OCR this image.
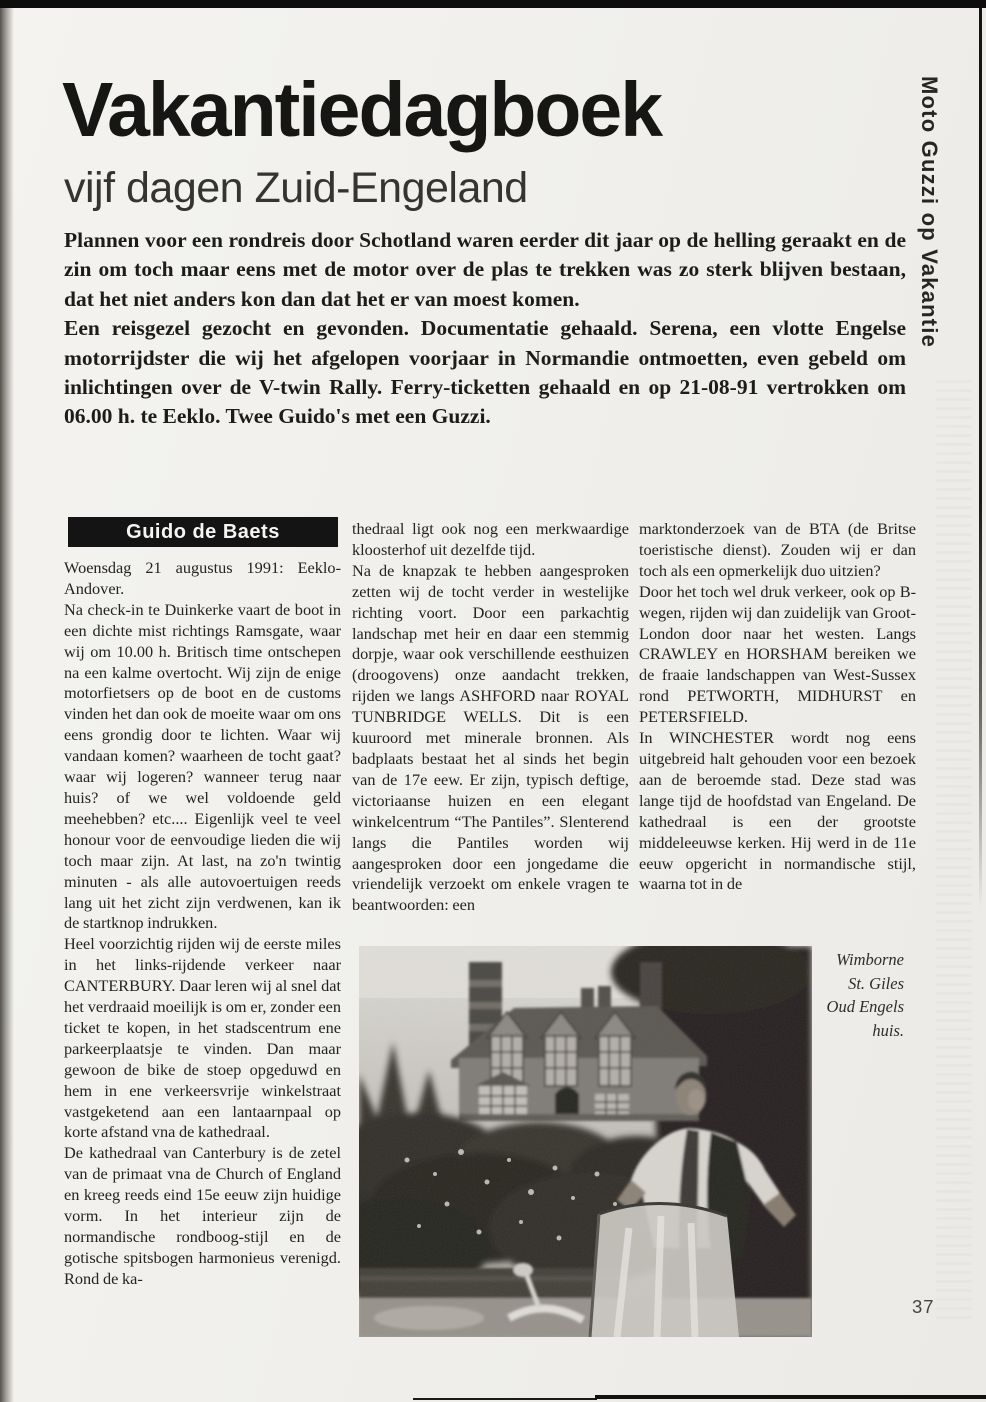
Vakantiedagboek
vijf dagen Zuid-Engeland

Plannen voor een rondreis door Schotland waren eerder dit jaar op de helling geraakt en de zin om toch maar eens met de motor over de plas te trekken was zo sterk blijven bestaan, dat het niet anders kon dan dat het er van moest komen.

Een reisgezel gezocht en gevonden. Documentatie gehaald. Serena, een vlotte Engelse motorrijdster die wij het afgelopen voorjaar in Normandie ontmoetten, even gebeld om inlichtingen over de V-twin Rally. Ferry-ticketten gehaald en op 21-08-91 vertrokken om 06.00 h. te Eeklo. Twee Guido's met een Guzzi.

Guido de Baets

Woensdag 21 augustus 1991: Eeklo-Andover.

Na check-in te Duinkerke vaart de boot in een dichte mist richtings Ramsgate, waar wij om 10.00 h. Britisch time ontschepen na een kalme overtocht. Wij zijn de enige motorfietsers op de boot en de customs vinden het dan ook de moeite waar om ons eens grondig door te lichten. Waar wij vandaan komen? waarheen de tocht gaat? waar wij logeren? wanneer terug naar huis? of we wel voldoende geld meehebben? etc.... Eigenlijk veel te veel honour voor de eenvoudige lieden die wij toch maar zijn. At last, na zo'n twintig minuten - als alle autovoertuigen reeds lang uit het zicht zijn verdwenen, kan ik de startknop indrukken.

Heel voorzichtig rijden wij de eerste miles in het links-rijdende verkeer naar CANTERBURY. Daar leren wij al snel dat het verdraaid moeilijk is om er, zonder een ticket te kopen, in het stadscentrum ene parkeerplaatsje te vinden. Dan maar gewoon de bike de stoep opgeduwd en hem in ene verkeersvrije winkelstraat vastgeketend aan een lantaarnpaal op korte afstand vna de kathedraal.

De kathedraal van Canterbury is de zetel van de primaat vna de Church of England en kreeg reeds eind 15e eeuw zijn huidige vorm. In het interieur zijn de normandische rondboog-stijl en de gotische spitsbogen harmonieus verenigd. Rond de ka-

thedraal ligt ook nog een merkwaardige kloosterhof uit dezelfde tijd.

Na de knapzak te hebben aangesproken zetten wij de tocht verder in westelijke richting voort. Door een parkachtig landschap met heir en daar een stemmig dorpje, waar ook verschillende eesthuizen (droogovens) onze aandacht trekken, rijden we langs ASHFORD naar ROYAL TUNBRIDGE WELLS. Dit is een kuuroord met minerale bronnen. Als badplaats bestaat het al sinds het begin van de 17e eew. Er zijn, typisch deftige, victoriaanse huizen en een elegant winkelcentrum “The Pantiles”. Slenterend langs die Pantiles worden wij aangesproken door een jongedame die vriendelijk verzoekt om enkele vragen te beantwoorden: een

marktonderzoek van de BTA (de Britse toeristische dienst). Zouden wij er dan toch als een opmerkelijk duo uitzien?

Door het toch wel druk verkeer, ook op B-wegen, rijden wij dan zuidelijk van Groot-London door naar het westen. Langs CRAWLEY en HORSHAM bereiken we de fraaie landschappen van West-Sussex rond PETWORTH, MIDHURST en PETERSFIELD.

In WINCHESTER wordt nog eens uitgebreid halt gehouden voor een bezoek aan de beroemde stad. Deze stad was lange tijd de hoofdstad van Engeland. De kathedraal is een der grootste middeleeuwse kerken. Hij werd in de 11e eeuw opgericht in normandische stijl, waarna tot in de

Wimborne
St. Giles
Oud Engels
huis.
37
Moto Guzzi op Vakantie
